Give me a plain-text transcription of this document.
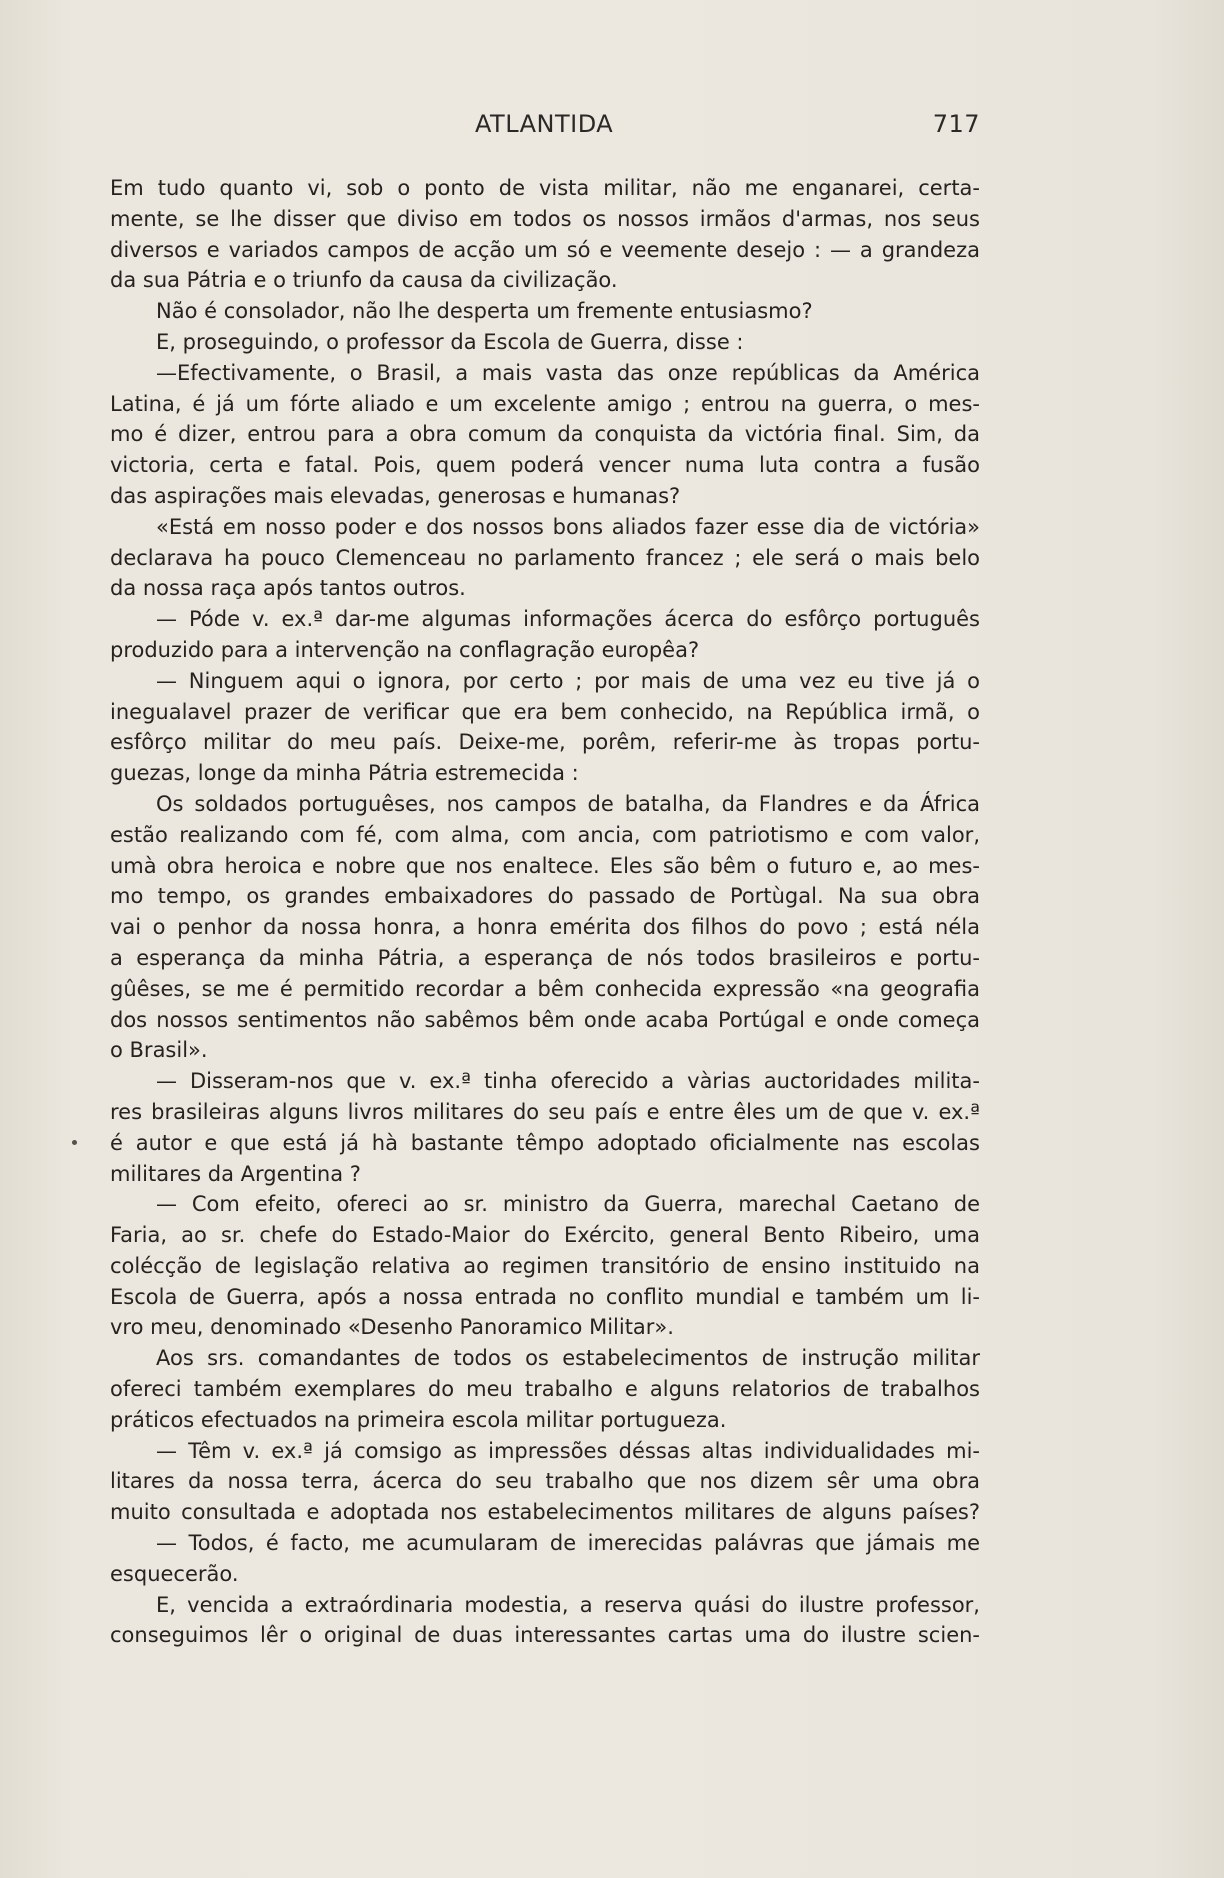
ATLANTIDA	717
Em tudo quanto vi, sob o ponto de vista militar, não me enganarei, certa-
mente, se lhe disser que diviso em todos os nossos irmãos d'armas, nos seus
diversos e variados campos de acção um só e veemente desejo : — a grandeza
da sua Pátria e o triunfo da causa da civilização.
Não é consolador, não lhe desperta um fremente entusiasmo?
E, proseguindo, o professor da Escola de Guerra, disse :
—Efectivamente, o Brasil, a mais vasta das onze repúblicas da América
Latina, é já um fórte aliado e um excelente amigo ; entrou na guerra, o mes-
mo é dizer, entrou para a obra comum da conquista da victória final. Sim, da
victoria, certa e fatal. Pois, quem poderá vencer numa luta contra a fusão
das aspirações mais elevadas, generosas e humanas?
«Está em nosso poder e dos nossos bons aliados fazer esse dia de victória»
declarava ha pouco Clemenceau no parlamento francez ; ele será o mais belo
da nossa raça após tantos outros.
— Póde v. ex.ª dar-me algumas informações ácerca do esfôrço português
produzido para a intervenção na conflagração europêa?
— Ninguem aqui o ignora, por certo ; por mais de uma vez eu tive já o
inegualavel prazer de verificar que era bem conhecido, na República irmã, o
esfôrço militar do meu país. Deixe-me, porêm, referir-me às tropas portu-
guezas, longe da minha Pátria estremecida :
Os soldados portuguêses, nos campos de batalha, da Flandres e da África
estão realizando com fé, com alma, com ancia, com patriotismo e com valor,
umà obra heroica e nobre que nos enaltece. Eles são bêm o futuro e, ao mes-
mo tempo, os grandes embaixadores do passado de Portùgal. Na sua obra
vai o penhor da nossa honra, a honra emérita dos filhos do povo ; está néla
a esperança da minha Pátria, a esperança de nós todos brasileiros e portu-
gûêses, se me é permitido recordar a bêm conhecida expressão «na geografia
dos nossos sentimentos não sabêmos bêm onde acaba Portúgal e onde começa
o Brasil».
— Disseram-nos que v. ex.ª tinha oferecido a vàrias auctoridades milita-
res brasileiras alguns livros militares do seu país e entre êles um de que v. ex.ª
é autor e que está já hà bastante têmpo adoptado oficialmente nas escolas
militares da Argentina ?
— Com efeito, ofereci ao sr. ministro da Guerra, marechal Caetano de
Faria, ao sr. chefe do Estado-Maior do Exército, general Bento Ribeiro, uma
colécção de legislação relativa ao regimen transitório de ensino instituido na
Escola de Guerra, após a nossa entrada no conflito mundial e também um li-
vro meu, denominado «Desenho Panoramico Militar».
Aos srs. comandantes de todos os estabelecimentos de instrução militar
ofereci também exemplares do meu trabalho e alguns relatorios de trabalhos
práticos efectuados na primeira escola militar portugueza.
— Têm v. ex.ª já comsigo as impressões déssas altas individualidades mi-
litares da nossa terra, ácerca do seu trabalho que nos dizem sêr uma obra
muito consultada e adoptada nos estabelecimentos militares de alguns países?
— Todos, é facto, me acumularam de imerecidas palávras que jámais me
esquecerão.
E, vencida a extraórdinaria modestia, a reserva quási do ilustre professor,
conseguimos lêr o original de duas interessantes cartas uma do ilustre scien-
